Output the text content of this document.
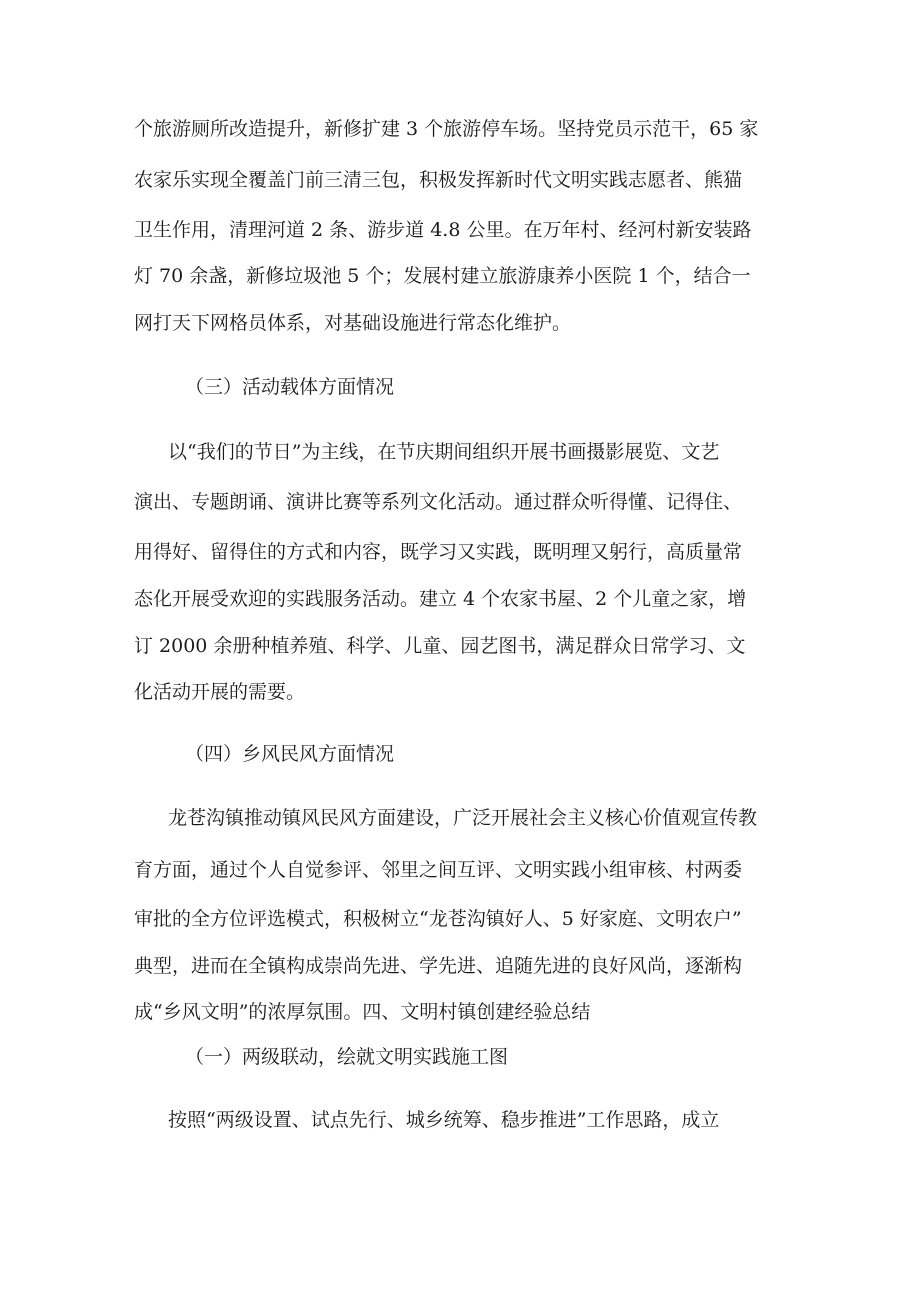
个旅游厕所改造提升，新修扩建 3 个旅游停车场。坚持党员示范干，65 家
农家乐实现全覆盖门前三清三包，积极发挥新时代文明实践志愿者、熊猫
卫生作用，清理河道 2 条、游步道 4.8 公里。在万年村、经河村新安装路
灯 70 余盏，新修垃圾池 5 个；发展村建立旅游康养小医院 1 个，结合一
网打天下网格员体系，对基础设施进行常态化维护。
（三）活动载体方面情况
以“我们的节日”为主线，在节庆期间组织开展书画摄影展览、文艺
演出、专题朗诵、演讲比赛等系列文化活动。通过群众听得懂、记得住、
用得好、留得住的方式和内容，既学习又实践，既明理又躬行，高质量常
态化开展受欢迎的实践服务活动。建立 4 个农家书屋、2 个儿童之家，增
订 2000 余册种植养殖、科学、儿童、园艺图书，满足群众日常学习、文
化活动开展的需要。
（四）乡风民风方面情况
龙苍沟镇推动镇风民风方面建设，广泛开展社会主义核心价值观宣传教
育方面，通过个人自觉参评、邻里之间互评、文明实践小组审核、村两委
审批的全方位评选模式，积极树立“龙苍沟镇好人、5 好家庭、文明农户”
典型，进而在全镇构成崇尚先进、学先进、追随先进的良好风尚，逐渐构
成“乡风文明”的浓厚氛围。四、文明村镇创建经验总结
（一）两级联动，绘就文明实践施工图
按照“两级设置、试点先行、城乡统筹、稳步推进”工作思路，成立
